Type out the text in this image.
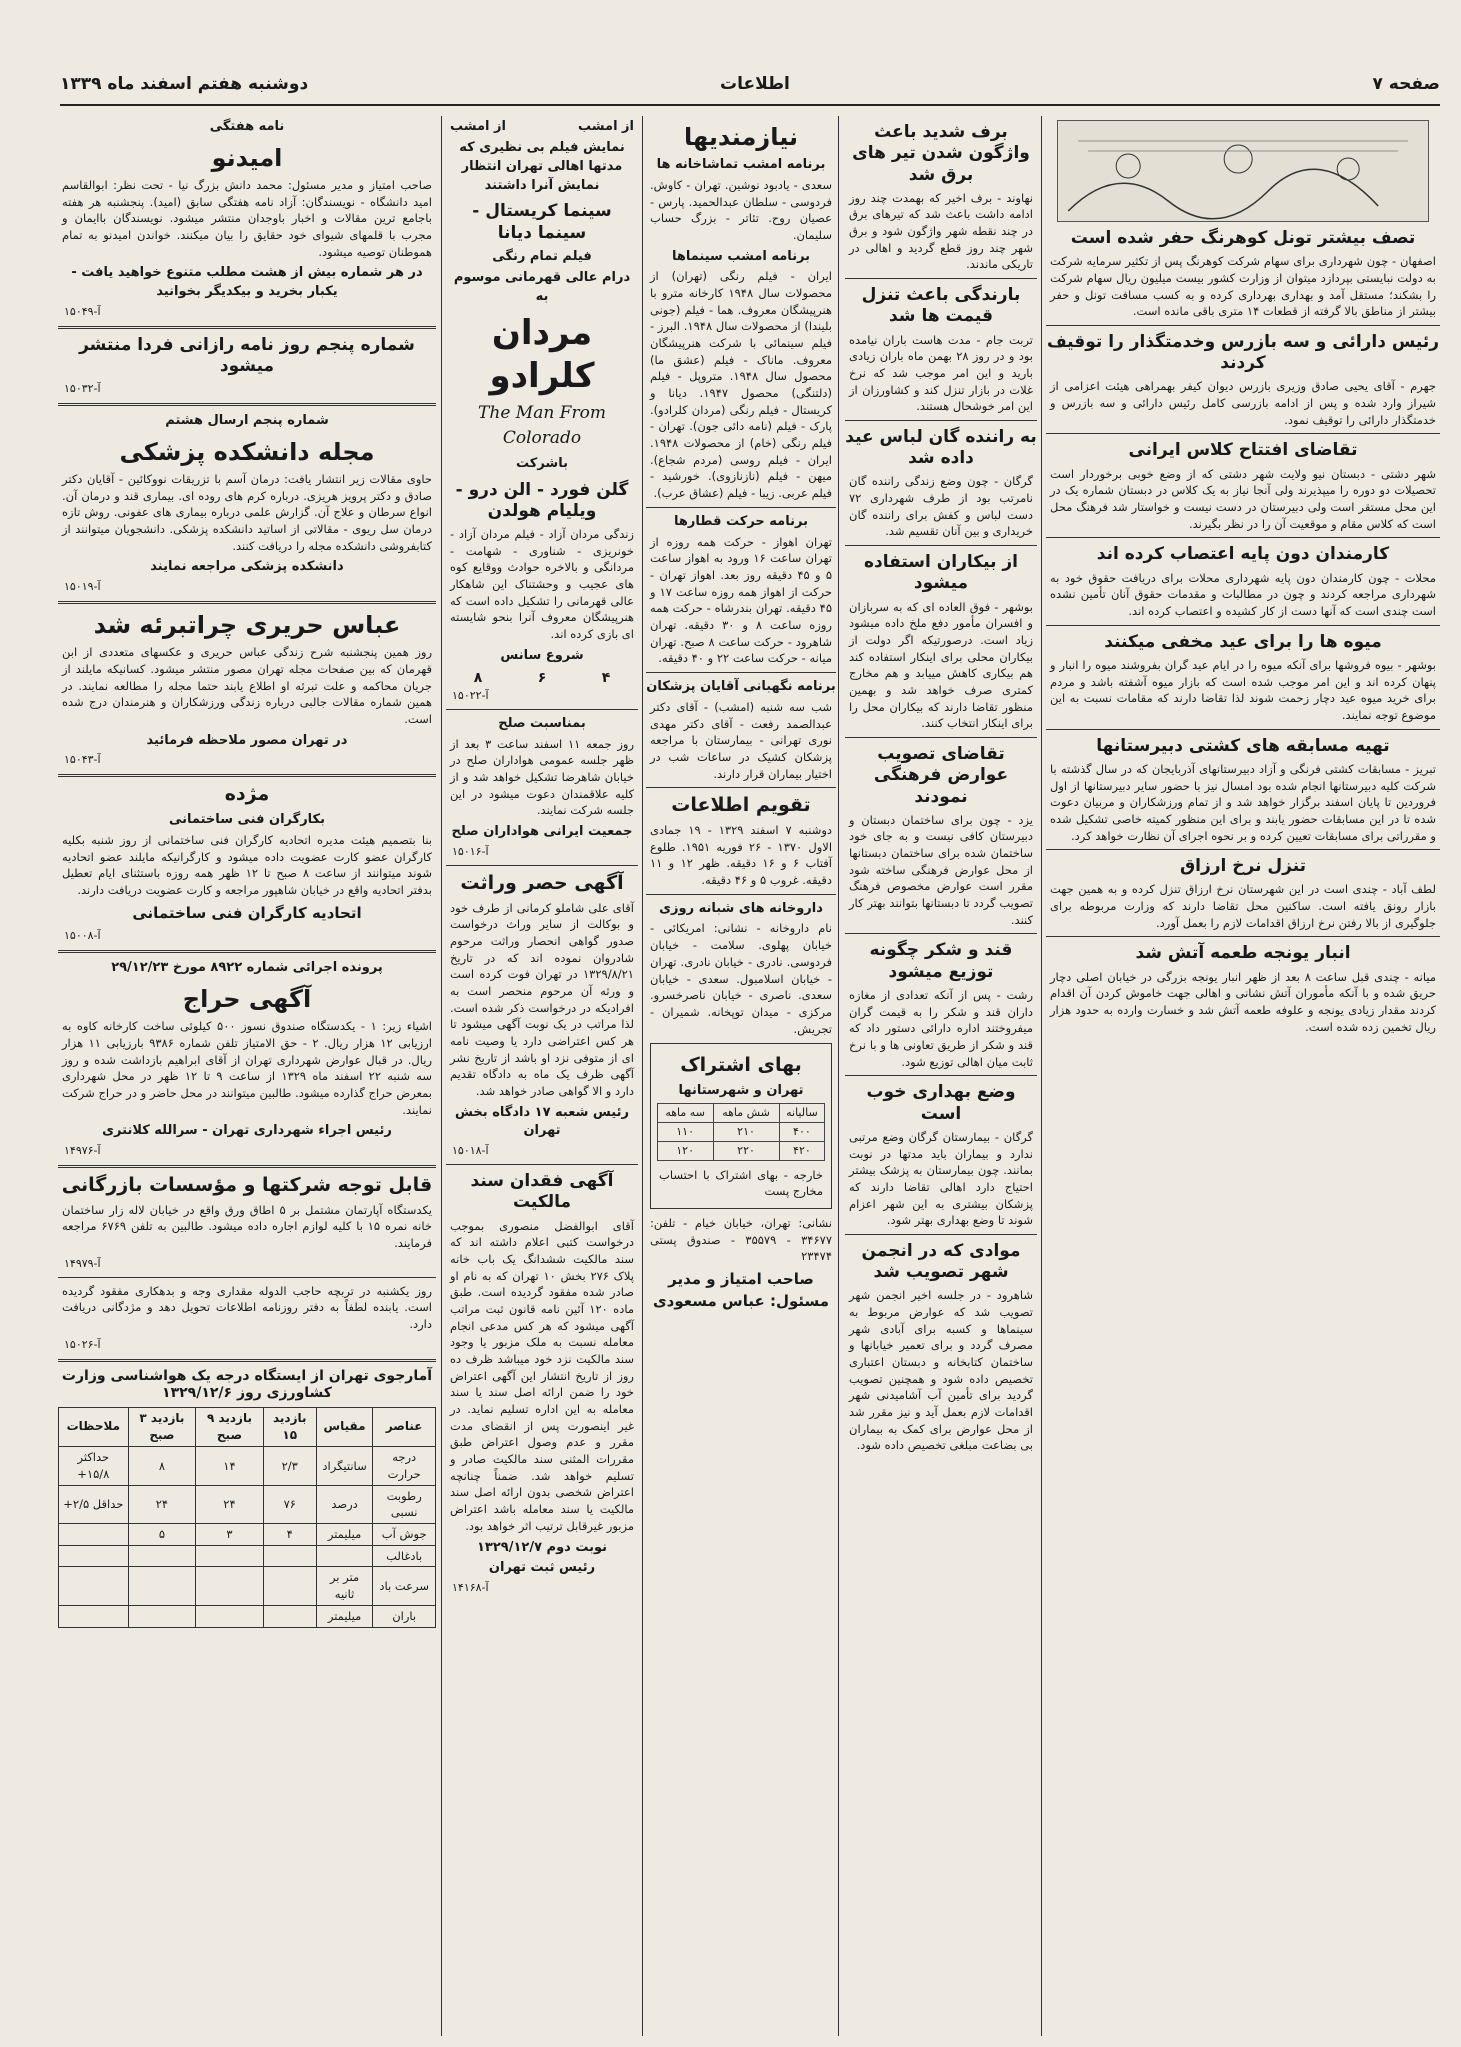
صفحه ۷
اطلاعات
دوشنبه هفتم اسفند ماه ۱۳۳۹
تصف بیشتر تونل کوهرنگ حفر شده است
اصفهان - چون شهرداری برای سهام شرکت کوهرنگ پس از تکثیر سرمایه شرکت به دولت نبایستی بپردازد میتوان از وزارت کشور بیست میلیون ریال سهام شرکت را بشکند؛ مستقل آمد و بهداری بهرداری کرده و به کسب مسافت تونل و حفر بیشتر از مناطق بالا گرفته از قطعات ۱۴ متری باقی مانده است.
رئیس دارائی و سه بازرس وخدمتگذار را توقیف کردند
جهرم - آقای یحیی صادق وزیری بازرس دیوان کیفر بهمراهی هیئت اعزامی از شیراز وارد شده و پس از ادامه بازرسی کامل رئیس دارائی و سه بازرس و خدمتگذار دارائی را توقیف نمود.
تقاضای افتتاح کلاس ایرانی
شهر دشتی - دبستان نیو ولایت شهر دشتی که از وضع خوبی برخوردار است تحصیلات دو دوره را میپذیرند ولی آنجا نیاز به یک کلاس در دبستان شماره یک در این محل مستقر است ولی دبیرستان در دست نیست و خواستار شد فرهنگ محل است که کلاس مقام و موقعیت آن را در نظر بگیرند.
کارمندان دون پایه اعتصاب کرده اند
محلات - چون کارمندان دون پایه شهرداری محلات برای دریافت حقوق خود به شهرداری مراجعه کردند و چون در مطالبات و مقدمات حقوق آنان تأمین نشده است چندی است که آنها دست از کار کشیده و اعتصاب کرده اند.
میوه ها را برای عید مخفی میکنند
بوشهر - بیوه فروشها برای آنکه میوه را در ایام عید گران بفروشند میوه را انبار و پنهان کرده اند و این امر موجب شده است که بازار میوه آشفته باشد و مردم برای خرید میوه عید دچار زحمت شوند لذا تقاضا دارند که مقامات نسبت به این موضوع توجه نمایند.
تهیه مسابقه های کشتی دبیرستانها
تبریز - مسابقات کشتی فرنگی و آزاد دبیرستانهای آذربایجان که در سال گذشته با شرکت کلیه دبیرستانها انجام شده بود امسال نیز با حضور سایر دبیرستانها از اول فروردین تا پایان اسفند برگزار خواهد شد و از تمام ورزشکاران و مربیان دعوت شده تا در این مسابقات حضور یابند و برای این منظور کمیته خاصی تشکیل شده و مقرراتی برای مسابقات تعیین کرده و بر نحوه اجرای آن نظارت خواهد کرد.
تنزل نرخ ارزاق
لطف آباد - چندی است در این شهرستان نرخ ارزاق تنزل کرده و به همین جهت بازار رونق یافته است. ساکنین محل تقاضا دارند که وزارت مربوطه برای جلوگیری از بالا رفتن نرخ ارزاق اقدامات لازم را بعمل آورد.
انبار یونجه طعمه آتش شد
میانه - چندی قبل ساعت ۸ بعد از ظهر انبار یونجه بزرگی در خیابان اصلی دچار حریق شده و با آنکه مأموران آتش نشانی و اهالی جهت خاموش کردن آن اقدام کردند مقدار زیادی یونجه و علوفه طعمه آتش شد و خسارت وارده به حدود هزار ریال تخمین زده شده است.
برف شدید باعث واژگون شدن تیر های برق شد
نهاوند - برف اخیر که بهمدت چند روز ادامه داشت باعث شد که تیرهای برق در چند نقطه شهر واژگون شود و برق شهر چند روز قطع گردید و اهالی در تاریکی ماندند.
بارندگی باعث تنزل قیمت ها شد
تربت جام - مدت هاست باران نیامده بود و در روز ۲۸ بهمن ماه باران زیادی بارید و این امر موجب شد که نرخ غلات در بازار تنزل کند و کشاورزان از این امر خوشحال هستند.
به راننده گان لباس عید داده شد
گرگان - چون وضع زندگی راننده گان نامرتب بود از طرف شهرداری ۷۲ دست لباس و کفش برای راننده گان خریداری و بین آنان تقسیم شد.
از بیکاران استفاده میشود
بوشهر - فوق العاده ای که به سربازان و افسران مأمور دفع ملخ داده میشود زیاد است. درصورتیکه اگر دولت از بیکاران محلی برای اینکار استفاده کند هم بیکاری کاهش مییابد و هم مخارج کمتری صرف خواهد شد و بهمین منظور تقاضا دارند که بیکاران محل را برای اینکار انتخاب کنند.
تقاضای تصویب عوارض فرهنگی نمودند
یزد - چون برای ساختمان دبستان و دبیرستان کافی نیست و به جای خود ساختمان شده برای ساختمان دبستانها از محل عوارض فرهنگی ساخته شود مقرر است عوارض مخصوص فرهنگ تصویب گردد تا دبستانها بتوانند بهتر کار کنند.
قند و شکر چگونه توزیع میشود
رشت - پس از آنکه تعدادی از مغازه داران قند و شکر را به قیمت گران میفروختند اداره دارائی دستور داد که قند و شکر از طریق تعاونی ها و با نرخ ثابت میان اهالی توزیع شود.
وضع بهداری خوب است
گرگان - بیمارستان گرگان وضع مرتبی ندارد و بیماران باید مدتها در نوبت بمانند. چون بیمارستان به پزشک بیشتر احتیاج دارد اهالی تقاضا دارند که پزشکان بیشتری به این شهر اعزام شوند تا وضع بهداری بهتر شود.
موادی که در انجمن شهر تصویب شد
شاهرود - در جلسه اخیر انجمن شهر تصویب شد که عوارض مربوط به سینماها و کسبه برای آبادی شهر مصرف گردد و برای تعمیر خیابانها و ساختمان کتابخانه و دبستان اعتباری تخصیص داده شود و همچنین تصویب گردید برای تأمین آب آشامیدنی شهر اقدامات لازم بعمل آید و نیز مقرر شد از محل عوارض برای کمک به بیماران بی بضاعت مبلغی تخصیص داده شود.
نیازمندیها
برنامه امشب تماشاخانه ها
سعدی - یادبود نوشین. تهران - کاوش. فردوسی - سلطان عبدالحمید. پارس - عصیان روح. تئاتر - بزرگ حساب سلیمان.
برنامه امشب سینماها
ایران - فیلم رنگی (تهران) از محصولات سال ۱۹۴۸ کارخانه مترو با هنرپیشگان معروف. هما - فیلم (جونی بلیندا) از محصولات سال ۱۹۴۸. البرز - فیلم سینمائی با شرکت هنرپیشگان معروف. ماناک - فیلم (عشق ما) محصول سال ۱۹۴۸. متروپل - فیلم (دلتنگی) محصول ۱۹۴۷. دیانا و کریستال - فیلم رنگی (مردان کلرادو). پارک - فیلم (نامه دائی جون). تهران - فیلم رنگی (خام) از محصولات ۱۹۴۸. ایران - فیلم روسی (مردم شجاع). میهن - فیلم (نازنازوی). خورشید - فیلم عربی. زیبا - فیلم (عشاق عرب).
برنامه حرکت قطارها
تهران اهواز - حرکت همه روزه از تهران ساعت ۱۶ ورود به اهواز ساعت ۵ و ۴۵ دقیقه روز بعد. اهواز تهران - حرکت از اهواز همه روزه ساعت ۱۷ و ۴۵ دقیقه. تهران بندرشاه - حرکت همه روزه ساعت ۸ و ۳۰ دقیقه. تهران شاهرود - حرکت ساعت ۸ صبح. تهران میانه - حرکت ساعت ۲۲ و ۴۰ دقیقه.
برنامه نگهبانی آقایان پزشکان
شب سه شنبه (امشب) - آقای دکتر عبدالصمد رفعت - آقای دکتر مهدی نوری تهرانی - بیمارستان با مراجعه پزشکان کشیک در ساعات شب در اختیار بیماران قرار دارند.
تقویم اطلاعات
دوشنبه ۷ اسفند ۱۳۲۹ - ۱۹ جمادی الاول ۱۳۷۰ - ۲۶ فوریه ۱۹۵۱. طلوع آفتاب ۶ و ۱۶ دقیقه. ظهر ۱۲ و ۱۱ دقیقه. غروب ۵ و ۴۶ دقیقه.
داروخانه های شبانه روزی
نام داروخانه - نشانی: امریکائی - خیابان پهلوی. سلامت - خیابان فردوسی. نادری - خیابان نادری. تهران - خیابان اسلامبول. سعدی - خیابان سعدی. ناصری - خیابان ناصرخسرو. مرکزی - میدان توپخانه. شمیران - تجریش.
بهای اشتراک
تهران و شهرستانها
سالیانه	شش ماهه	سه ماهه
۴۰۰	۲۱۰	۱۱۰
۴۲۰	۲۲۰	۱۲۰
خارجه - بهای اشتراک با احتساب مخارج پست
نشانی: تهران، خیابان خیام - تلفن: ۳۴۶۷۷ - ۳۵۵۷۹ - صندوق پستی ۲۳۴۷۴
صاحب امتیاز و مدیر مسئول: عباس مسعودی
از امشب
از امشب
نمایش فیلم بی نظیری که مدتها اهالی تهران انتظار نمایش آنرا داشتند
سینما کریستال - سینما دیانا
فیلم تمام رنگی
درام عالی قهرمانی موسوم به
مردان کلرادو
The Man From Colorado
باشرکت
گلن فورد - الن درو - ویلیام هولدن
زندگی مردان آزاد - فیلم مردان آزاد - خونریزی - شناوری - شهامت - مردانگی و بالاخره حوادث ووقایع کوه های عجیب و وحشتناک این شاهکار عالی قهرمانی را تشکیل داده است که هنرپیشگان معروف آنرا بنحو شایسته ای بازی کرده اند.
شروع سانس
۴
۶
۸
آ-۱۵۰۲۲
بمناسبت صلح
روز جمعه ۱۱ اسفند ساعت ۳ بعد از ظهر جلسه عمومی هواداران صلح در خیابان شاهرضا تشکیل خواهد شد و از کلیه علاقمندان دعوت میشود در این جلسه شرکت نمایند.
جمعیت ایرانی هواداران صلح
آ-۱۵۰۱۶
آگهی حصر وراثت
آقای علی شاملو کرمانی از طرف خود و بوکالت از سایر وراث درخواست صدور گواهی انحصار وراثت مرحوم شادروان نموده اند که در تاریخ ۱۳۲۹/۸/۲۱ در تهران فوت کرده است و ورثه آن مرحوم منحصر است به افرادیکه در درخواست ذکر شده است. لذا مراتب در یک نوبت آگهی میشود تا هر کس اعتراضی دارد یا وصیت نامه ای از متوفی نزد او باشد از تاریخ نشر آگهی ظرف یک ماه به دادگاه تقدیم دارد و الا گواهی صادر خواهد شد.
رئیس شعبه ۱۷ دادگاه بخش تهران
آ-۱۵۰۱۸
آگهی فقدان سند مالکیت
آقای ابوالفضل منصوری بموجب درخواست کتبی اعلام داشته اند که سند مالکیت ششدانگ یک باب خانه پلاک ۲۷۶ بخش ۱۰ تهران که به نام او صادر شده مفقود گردیده است. طبق ماده ۱۲۰ آئین نامه قانون ثبت مراتب آگهی میشود که هر کس مدعی انجام معامله نسبت به ملک مزبور یا وجود سند مالکیت نزد خود میباشد ظرف ده روز از تاریخ انتشار این آگهی اعتراض خود را ضمن ارائه اصل سند یا سند معامله به این اداره تسلیم نماید. در غیر اینصورت پس از انقضای مدت مقرر و عدم وصول اعتراض طبق مقررات المثنی سند مالکیت صادر و تسلیم خواهد شد. ضمناً چنانچه اعتراض شخصی بدون ارائه اصل سند مالکیت یا سند معامله باشد اعتراض مزبور غیرقابل ترتیب اثر خواهد بود.
نوبت دوم ۱۳۲۹/۱۲/۷
رئیس ثبت تهران
آ-۱۴۱۶۸
نامه هفتگی
امیدنو
صاحب امتیاز و مدیر مسئول: محمد دانش بزرگ نیا - تحت نظر: ابوالقاسم امید دانشگاه - نویسندگان: آزاد نامه هفتگی سابق (امید). پنجشنبه هر هفته باجامع ترین مقالات و اخبار باوجدان منتشر میشود. نویسندگان باایمان و مجرب با قلمهای شیوای خود حقایق را بیان میکنند. خواندن امیدنو به تمام هموطنان توصیه میشود.
در هر شماره بیش از هشت مطلب متنوع خواهید یافت - یکبار بخرید و بیکدیگر بخوانید
آ-۱۵۰۴۹
شماره پنجم روز نامه رازانی فردا منتشر میشود
آ-۱۵۰۳۲
شماره پنجم ارسال هشتم
مجله دانشکده پزشکی
حاوی مقالات زیر انتشار یافت: درمان آسم با تزریقات نووکائین - آقایان دکتر صادق و دکتر پرویز هریزی. درباره کرم های روده ای. بیماری قند و درمان آن. انواع سرطان و علاج آن. گزارش علمی درباره بیماری های عفونی. روش تازه درمان سل ریوی - مقالاتی از اساتید دانشکده پزشکی. دانشجویان میتوانند از کتابفروشی دانشکده مجله را دریافت کنند.
دانشکده پزشکی مراجعه نمایند
آ-۱۵۰۱۹
عباس حریری چراتبرئه شد
روز همین پنجشنبه شرح زندگی عباس حریری و عکسهای متعددی از ابن قهرمان که بین صفحات مجله تهران مصور منتشر میشود. کسانیکه مایلند از جریان محاکمه و علت تبرئه او اطلاع یابند حتما مجله را مطالعه نمایند. در همین شماره مقالات جالبی درباره زندگی ورزشکاران و هنرمندان درج شده است.
در تهران مصور ملاحظه فرمائید
آ-۱۵۰۴۳
مژده
بکارگران فنی ساختمانی
بنا بتصمیم هیئت مدیره اتحادیه کارگران فنی ساختمانی از روز شنبه بکلیه کارگران عضو کارت عضویت داده میشود و کارگرانیکه مایلند عضو اتحادیه شوند میتوانند از ساعت ۸ صبح تا ۱۲ ظهر همه روزه باستثنای ایام تعطیل بدفتر اتحادیه واقع در خیابان شاهپور مراجعه و کارت عضویت دریافت دارند.
اتحادیه کارگران فنی ساختمانی
آ-۱۵۰۰۸
پرونده اجرائی شماره ۸۹۲۲ مورخ ۲۹/۱۲/۲۳
آگهی حراج
اشیاء زیر: ۱ - یکدستگاه صندوق نسوز ۵۰۰ کیلوئی ساخت کارخانه کاوه به ارزیابی ۱۲ هزار ریال. ۲ - حق الامتیاز تلفن شماره ۹۳۸۶ بارزیابی ۱۱ هزار ریال. در قبال عوارض شهرداری تهران از آقای ابراهیم بازداشت شده و روز سه شنبه ۲۲ اسفند ماه ۱۳۲۹ از ساعت ۹ تا ۱۲ ظهر در محل شهرداری بمعرض حراج گذارده میشود. طالبین میتوانند در محل حاضر و در حراج شرکت نمایند.
رئیس اجراء شهرداری تهران - سرالله کلانتری
آ-۱۴۹۷۶
قابل توجه شرکتها و مؤسسات بازرگانی
یکدستگاه آپارتمان مشتمل بر ۵ اطاق ورق واقع در خیابان لاله زار ساختمان خانه نمره ۱۵ با کلیه لوازم اجاره داده میشود. طالبین به تلفن ۶۷۶۹ مراجعه فرمایند.
آ-۱۴۹۷۹
روز یکشنبه در تربچه حاجب الدوله مقداری وجه و بدهکاری مفقود گردیده است. یابنده لطفاً به دفتر روزنامه اطلاعات تحویل دهد و مژدگانی دریافت دارد.
آ-۱۵۰۲۶
آمارجوی تهران از ایستگاه درجه یک هواشناسی وزارت کشاورزی روز ۱۳۲۹/۱۲/۶
عناصر	مقیاس	بازدید ۱۵	بازدید ۹ صبح	بازدید ۳ صبح	ملاحظات
درجه حرارت	سانتیگراد	۲/۳	۱۴	۸	حداکثر ۱۵/۸+
رطوبت نسبی	درصد	۷۶	۲۴	۲۴	حداقل ۲/۵+
جوش آب	میلیمتر	۴	۳	۵	
بادغالب					
سرعت باد	متر بر ثانیه				
باران	میلیمتر				
